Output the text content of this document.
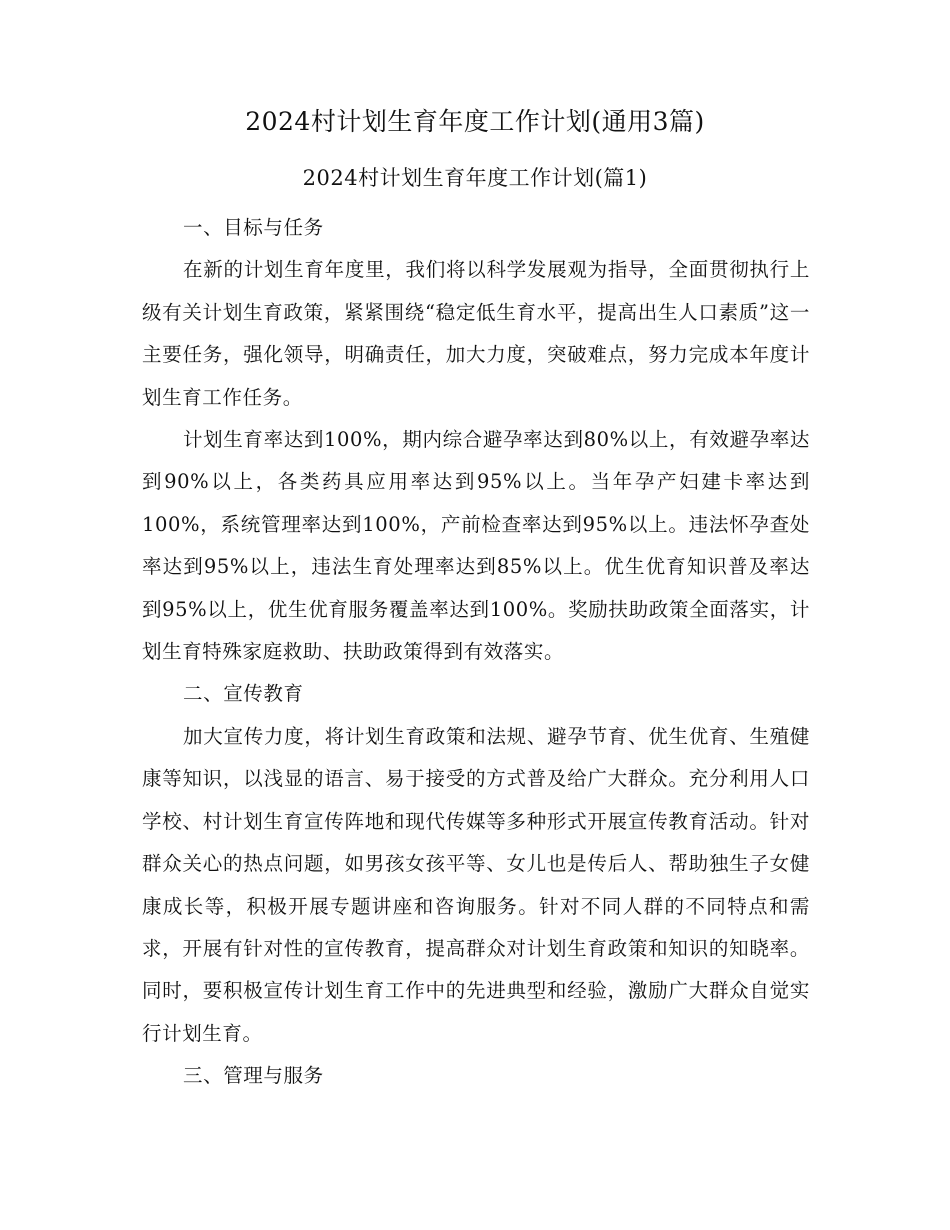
2024村计划生育年度工作计划(通用3篇)
2024村计划生育年度工作计划(篇1)

一、目标与任务

在新的计划生育年度里，我们将以科学发展观为指导，全面贯彻执行上级有关计划生育政策，紧紧围绕“稳定低生育水平，提高出生人口素质”这一主要任务，强化领导，明确责任，加大力度，突破难点，努力完成本年度计划生育工作任务。

计划生育率达到100%，期内综合避孕率达到80%以上，有效避孕率达到90%以上，各类药具应用率达到95%以上。当年孕产妇建卡率达到100%，系统管理率达到100%，产前检查率达到95%以上。违法怀孕查处率达到95%以上，违法生育处理率达到85%以上。优生优育知识普及率达到95%以上，优生优育服务覆盖率达到100%。奖励扶助政策全面落实，计划生育特殊家庭救助、扶助政策得到有效落实。

二、宣传教育

加大宣传力度，将计划生育政策和法规、避孕节育、优生优育、生殖健康等知识，以浅显的语言、易于接受的方式普及给广大群众。充分利用人口学校、村计划生育宣传阵地和现代传媒等多种形式开展宣传教育活动。针对群众关心的热点问题，如男孩女孩平等、女儿也是传后人、帮助独生子女健康成长等，积极开展专题讲座和咨询服务。针对不同人群的不同特点和需求，开展有针对性的宣传教育，提高群众对计划生育政策和知识的知晓率。同时，要积极宣传计划生育工作中的先进典型和经验，激励广大群众自觉实行计划生育。

三、管理与服务
